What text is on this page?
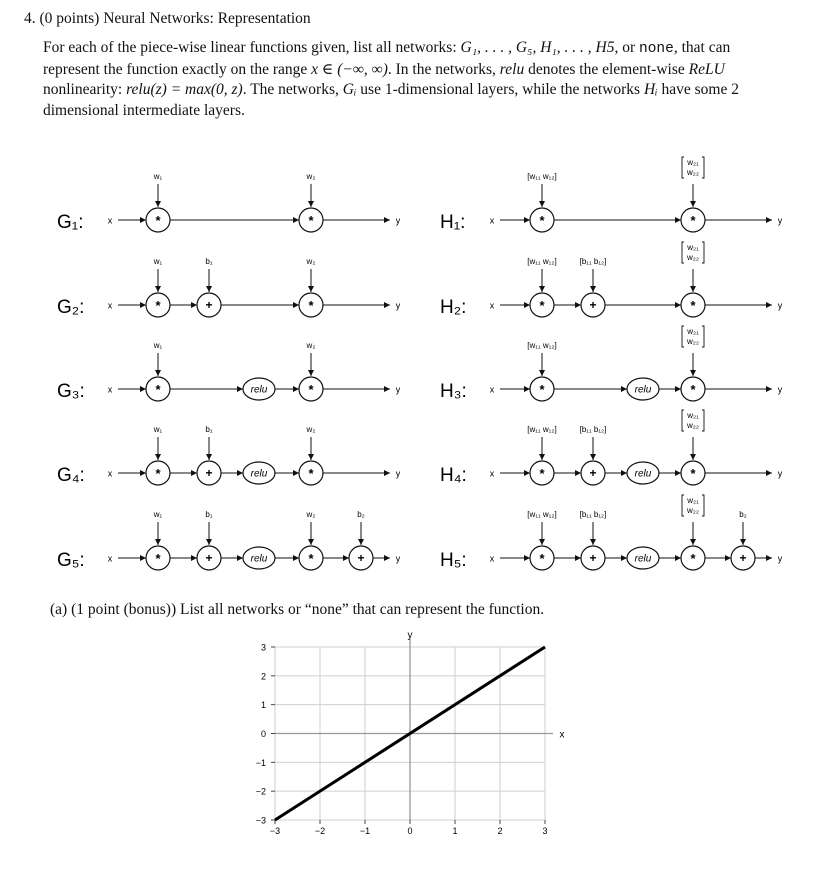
4. (0 points) Neural Networks: Representation
For each of the piece-wise linear functions given, list all networks: G₁, . . . , G₅, H₁, . . . , H5, or none, that can represent the function exactly on the range x ∈ (−∞, ∞). In the networks, relu denotes the element-wise ReLU nonlinearity: relu(z) = max(0, z). The networks, Gᵢ use 1-dimensional layers, while the networks Hᵢ have some 2 dimensional intermediate layers.
G₁:	x	y
*
w₁
*
w₂
H₁:	x	y
*
[w₁₁ w₁₂]
*
w₂₁
w₂₂
G₂:	x	y
*
w₁
+
b₁
*
w₂
H₂:	x	y
*
[w₁₁ w₁₂]
+
[b₁₁ b₁₂]
*
w₂₁
w₂₂
G₃:	x	y
*
w₁
relu	*
w₂
H₃:	x	y
*
[w₁₁ w₁₂]
relu	*
w₂₁
w₂₂
G₄:	x	y
*
w₁
+
b₁
relu	*
w₂
H₄:	x	y
*
[w₁₁ w₁₂]
+
[b₁₁ b₁₂]
relu	*
w₂₁
w₂₂
G₅:	x	y
*
w₁
+
b₁
relu	*
w₂
+
b₂
H₅:	x	y
*
[w₁₁ w₁₂]
+
[b₁₁ b₁₂]
relu	*
w₂₁
w₂₂
+
b₂
(a) (1 point (bonus)) List all networks or “none” that can represent the function.
3
2
1
0
−1
−2
−3
−3	−2	−1	0	1	2	3
y
x
